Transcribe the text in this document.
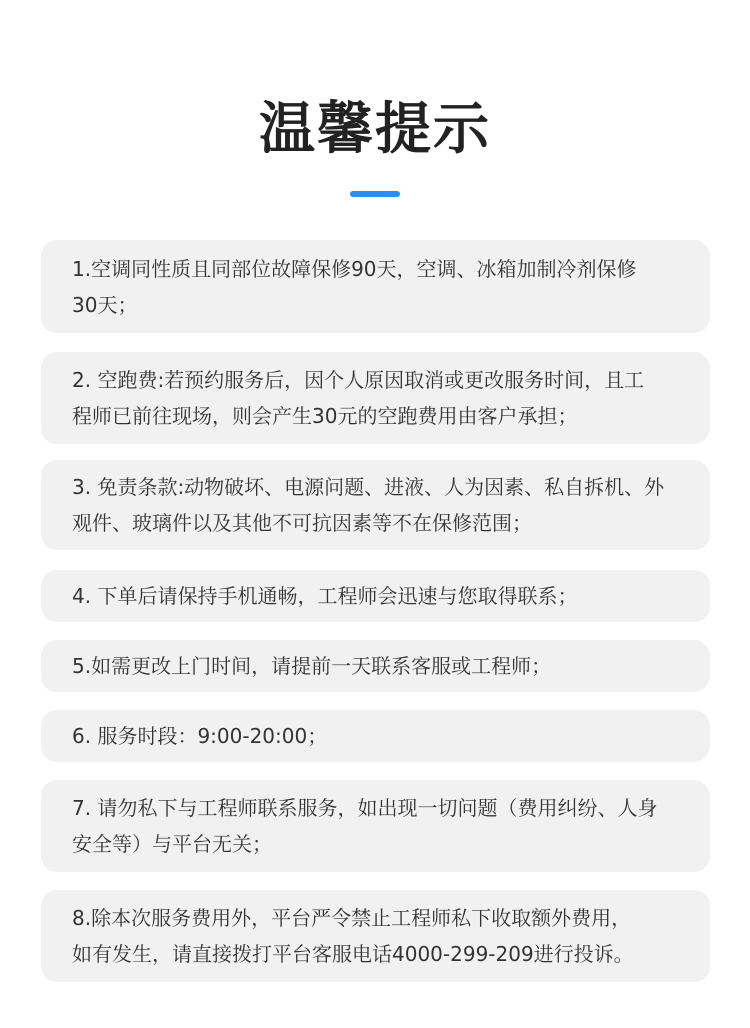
温馨提示
1.空调同性质且同部位故障保修90天，空调、冰箱加制冷剂保修
30天；
2. 空跑费:若预约服务后，因个人原因取消或更改服务时间，且工
程师已前往现场，则会产生30元的空跑费用由客户承担；
3. 免责条款:动物破坏、电源问题、进液、人为因素、私自拆机、外
观件、玻璃件以及其他不可抗因素等不在保修范围；
4. 下单后请保持手机通畅，工程师会迅速与您取得联系；
5.如需更改上门时间，请提前一天联系客服或工程师；
6. 服务时段：9:00-20:00；
7. 请勿私下与工程师联系服务，如出现一切问题（费用纠纷、人身
安全等）与平台无关；
8.除本次服务费用外，平台严令禁止工程师私下收取额外费用，
如有发生，请直接拨打平台客服电话4000-299-209进行投诉。
